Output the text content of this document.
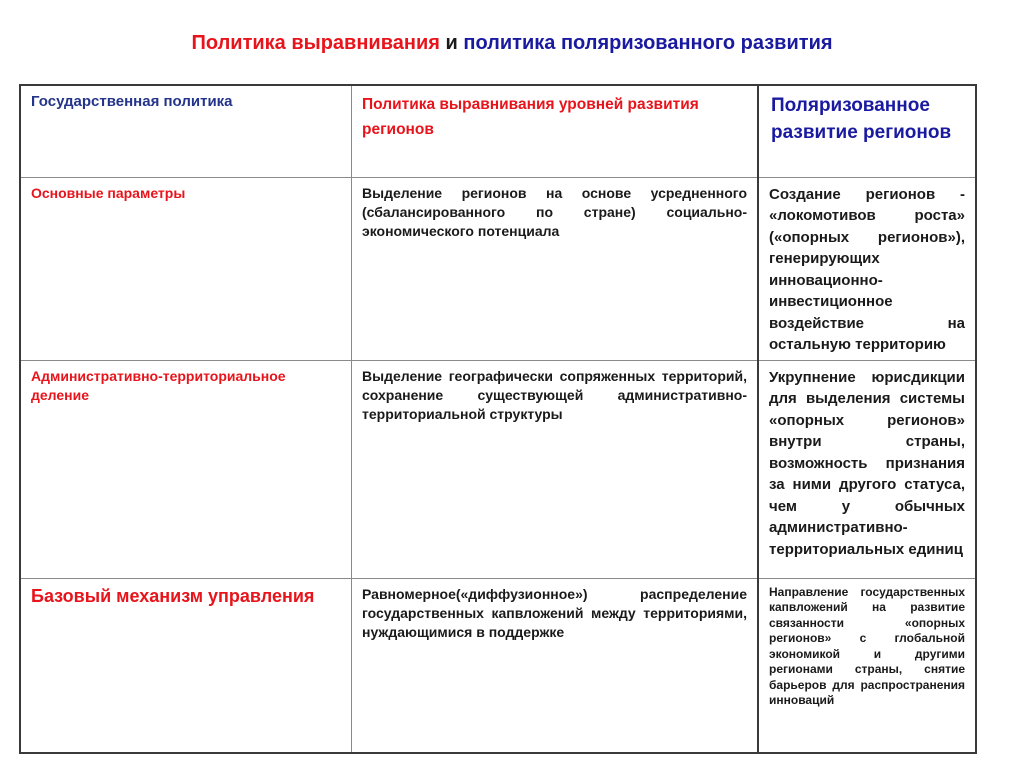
Политика выравнивания и политика поляризованного развития
Государственная политика	Политика выравнивания уровней развития регионов	Поляризованное развитие регионов
Основные параметры	Выделение регионов на основе усредненного (сбалансированного по стране) социально-экономического потенциала	Создание регионов - «локомотивов роста» («опорных регионов»), генерирующих инновационно-инвестиционное воздействие на остальную территорию
Административно-территориальное деление	Выделение географически сопряженных территорий, сохранение существующей административно-территориальной структуры	Укрупнение юрисдикции для выделения системы «опорных регионов» внутри страны, возможность признания за ними другого статуса, чем у обычных административно-территориальных единиц
Базовый механизм управления	Равномерное(«диффузионное») распределение государственных капвложений между территориями, нуждающимися в поддержке	Направление государственных капвложений на развитие связанности «опорных регионов» с глобальной экономикой и другими регионами страны, снятие барьеров для распространения инноваций
